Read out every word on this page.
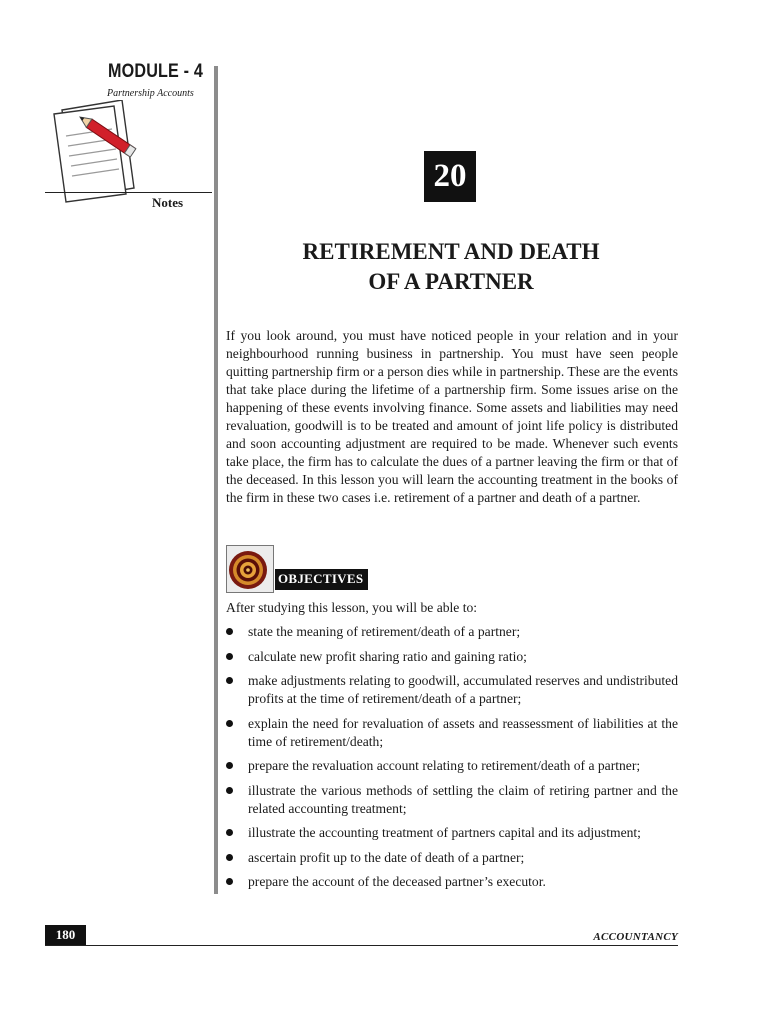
MODULE - 4
Partnership Accounts
Notes
20
RETIREMENT AND DEATH
OF A PARTNER

If you look around, you must have noticed people in your relation and in your neighbourhood running business in partnership. You must have seen people quitting partnership firm or a person dies while in partnership. These are the events that take place during the lifetime of a partnership firm. Some issues arise on the happening of these events involving finance. Some assets and liabilities may need revaluation, goodwill is to be treated and amount of joint life policy is distributed and soon accounting adjustment are required to be made. Whenever such events take place, the firm has to calculate the dues of a partner leaving the firm or that of the deceased. In this lesson you will learn the accounting treatment in the books of the firm in these two cases i.e. retirement of a partner and death of a partner.

OBJECTIVES
After studying this lesson, you will be able to:
state the meaning of retirement/death of a partner;
calculate new profit sharing ratio and gaining ratio;
make adjustments relating to goodwill, accumulated reserves and undistributed profits at the time of retirement/death of a partner;
explain the need for revaluation of assets and reassessment of liabilities at the time of retirement/death;
prepare the revaluation account relating to retirement/death of a partner;
illustrate the various methods of settling the claim of retiring partner and the related accounting treatment;
illustrate the accounting treatment of partners capital and its adjustment;
ascertain profit up to the date of death of a partner;
prepare the account of the deceased partner’s executor.
180	ACCOUNTANCY
